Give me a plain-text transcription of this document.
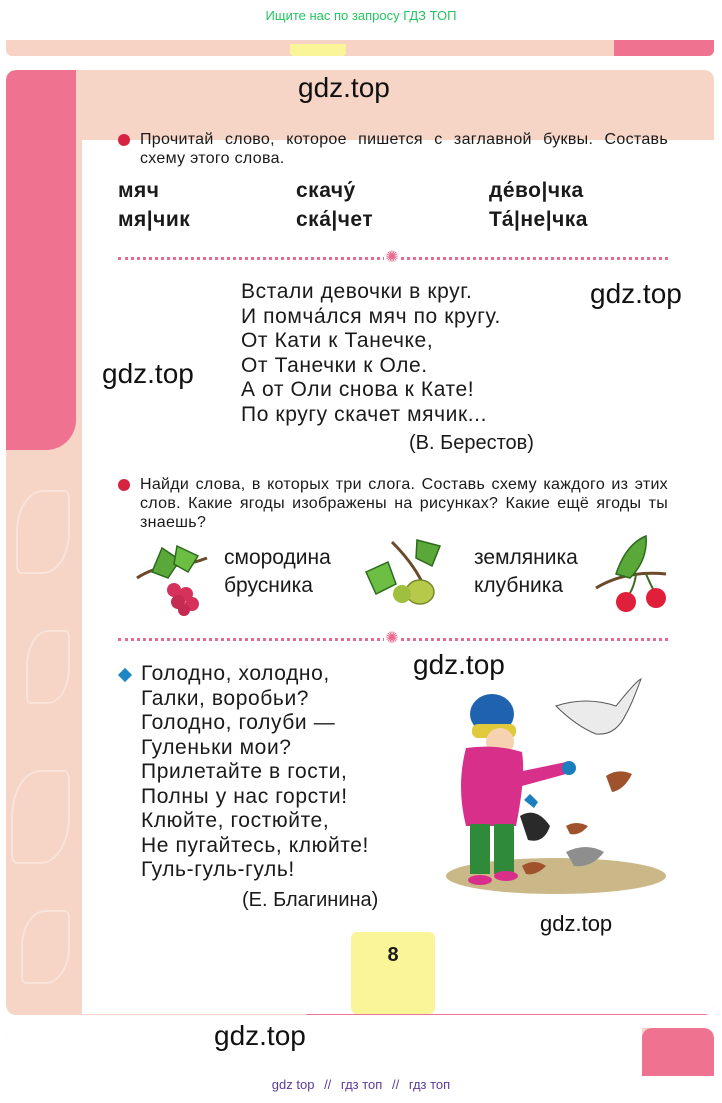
Ищите нас по запросу ГДЗ ТОП
gdz.top
Прочитай слово, которое пишется с заглавной буквы. Составь схему этого слова.
мяч	скачу́	де́во|чка
мя|чик	ска́|чет	Та́|не|чка
✺
Встали девочки в круг.
И помча́лся мяч по кругу.
От Кати к Танечке,
От Танечки к Оле.
А от Оли снова к Кате!
По кругу скачет мячик...
(В. Берестов)
gdz.top
gdz.top
Найди слова, в которых три слога. Составь схему каждого из этих слов. Какие ягоды изображены на рисунках? Какие ещё ягоды ты знаешь?
смородина
брусника
земляника
клубника
✺
Голодно, холодно,
Галки, воробьи?
Голодно, голуби —
Гуленьки мои?
Прилетайте в гости,
Полны у нас горсти!
Клюйте, гостюйте,
Не пугайтесь, клюйте!
Гуль-гуль-гуль!
(Е. Благинина)
gdz.top
gdz.top
8
gdz.top
gdz top // гдз топ // гдз топ
